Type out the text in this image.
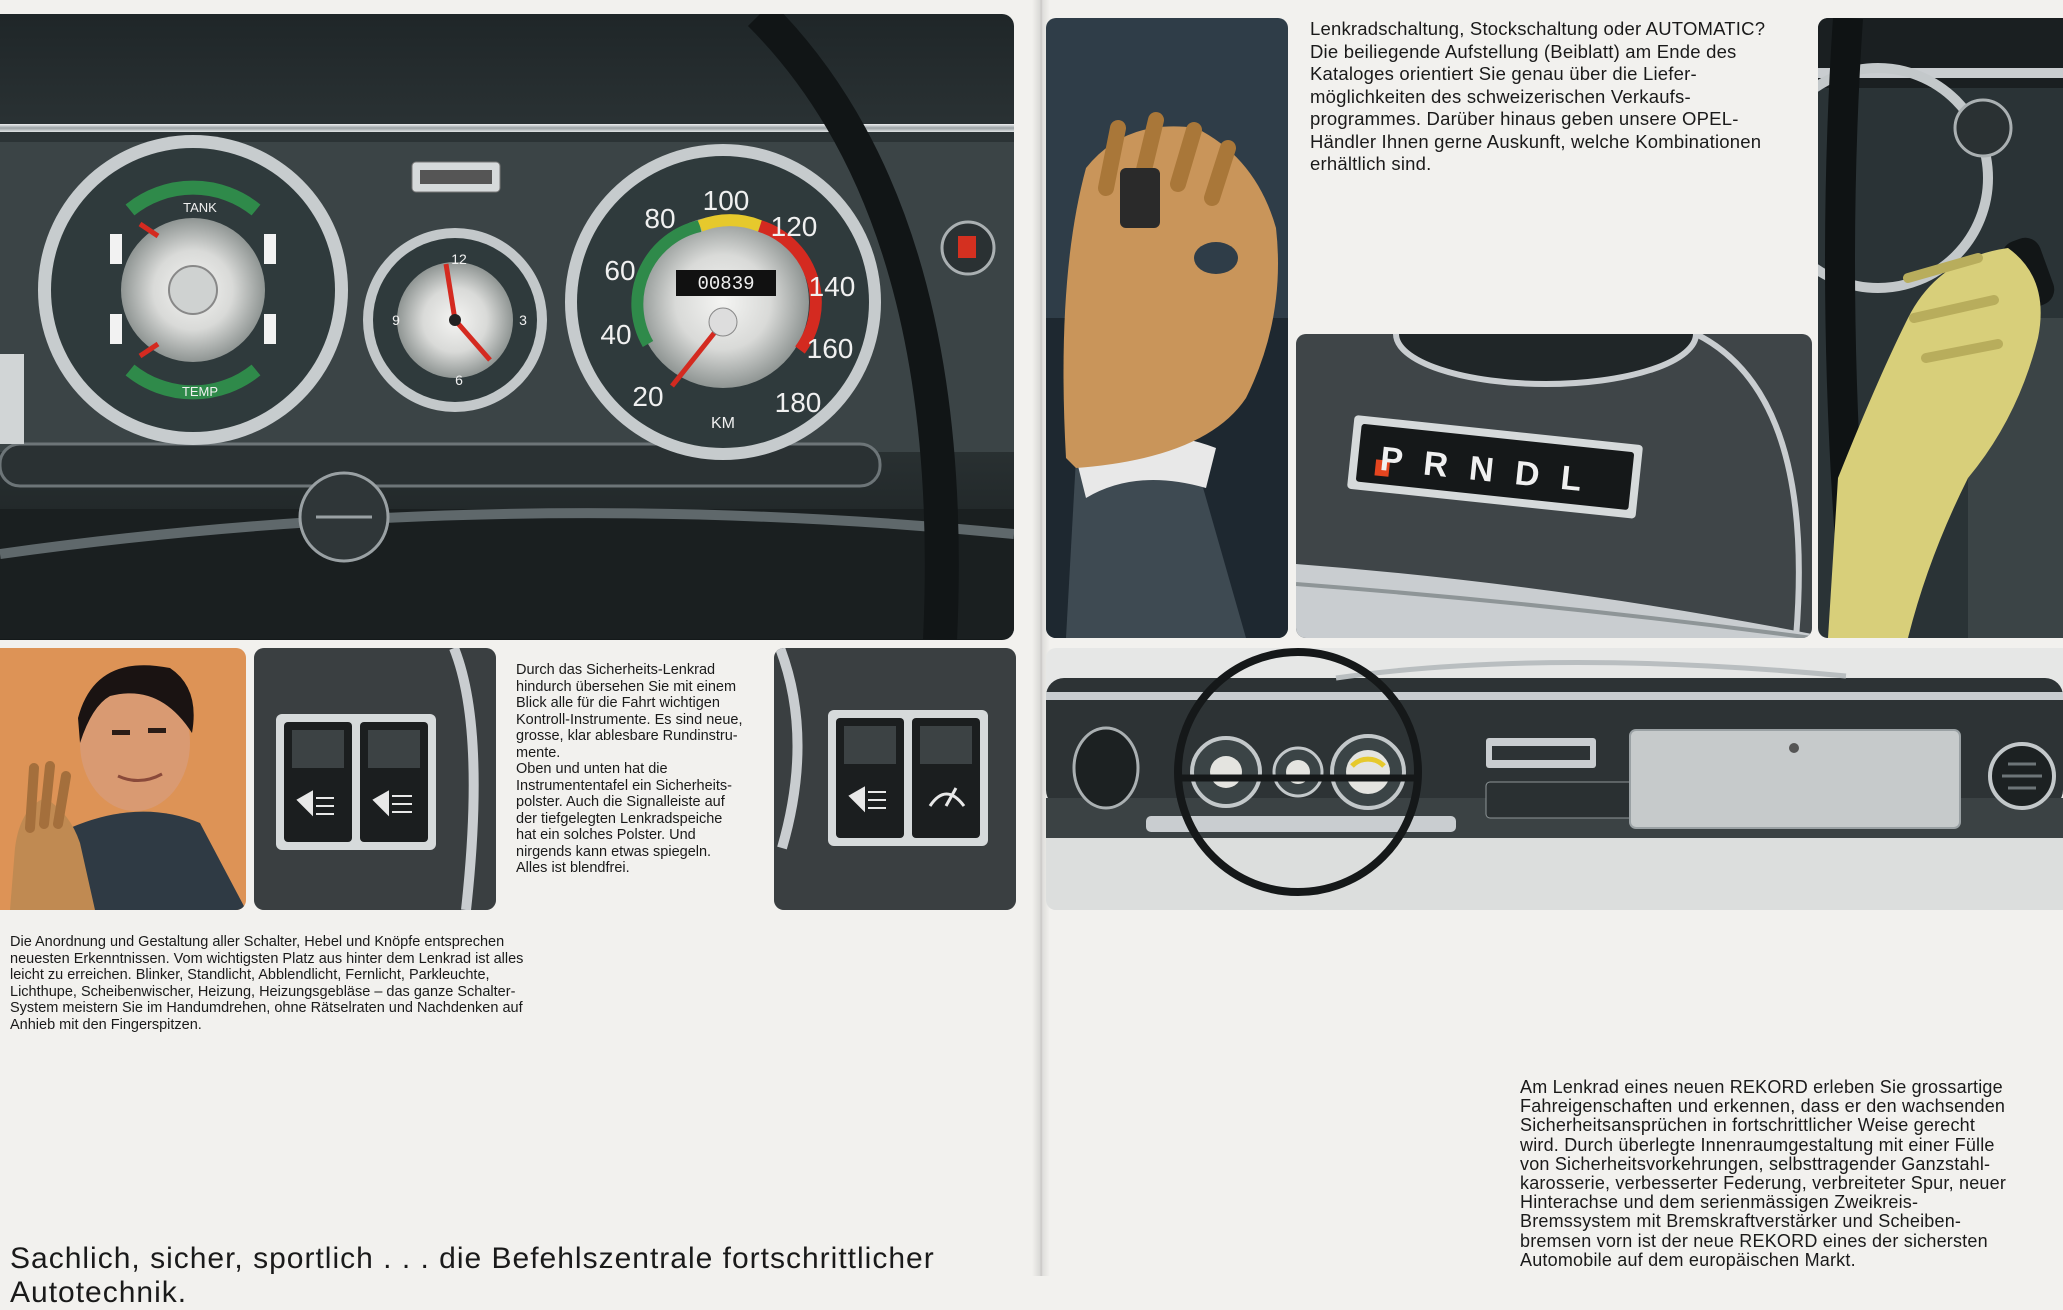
TANK
TEMP
12
3
6
9
00839
20
40
60
80
100
120
140
160
180
KM
Durch das Sicherheits-Lenkrad
hindurch übersehen Sie mit einem
Blick alle für die Fahrt wichtigen
Kontroll-Instrumente. Es sind neue,
grosse, klar ablesbare Rundinstru-
mente.
Oben und unten hat die
Instrumententafel ein Sicherheits-
polster. Auch die Signalleiste auf
der tiefgelegten Lenkradspeiche
hat ein solches Polster. Und
nirgends kann etwas spiegeln.
Alles ist blendfrei.
Die Anordnung und Gestaltung aller Schalter, Hebel und Knöpfe entsprechen
neuesten Erkenntnissen. Vom wichtigsten Platz aus hinter dem Lenkrad ist alles
leicht zu erreichen. Blinker, Standlicht, Abblendlicht, Fernlicht, Parkleuchte,
Lichthupe, Scheibenwischer, Heizung, Heizungsgebläse – das ganze Schalter-
System meistern Sie im Handumdrehen, ohne Rätselraten und Nachdenken auf
Anhieb mit den Fingerspitzen.
Sachlich, sicher, sportlich . . . die Befehlszentrale fortschrittlicher Autotechnik.
Lenkradschaltung, Stockschaltung oder AUTOMATIC?
Die beiliegende Aufstellung (Beiblatt) am Ende des
Kataloges orientiert Sie genau über die Liefer-
möglichkeiten des schweizerischen Verkaufs-
programmes. Darüber hinaus geben unsere OPEL-
Händler Ihnen gerne Auskunft, welche Kombinationen
erhältlich sind.
P R N D L
Am Lenkrad eines neuen REKORD erleben Sie grossartige
Fahreigenschaften und erkennen, dass er den wachsenden
Sicherheitsansprüchen in fortschrittlicher Weise gerecht
wird. Durch überlegte Innenraumgestaltung mit einer Fülle
von Sicherheitsvorkehrungen, selbsttragender Ganzstahl-
karosserie, verbesserter Federung, verbreiteter Spur, neuer
Hinterachse und dem serienmässigen Zweikreis-
Bremssystem mit Bremskraftverstärker und Scheiben-
bremsen vorn ist der neue REKORD eines der sichersten
Automobile auf dem europäischen Markt.
